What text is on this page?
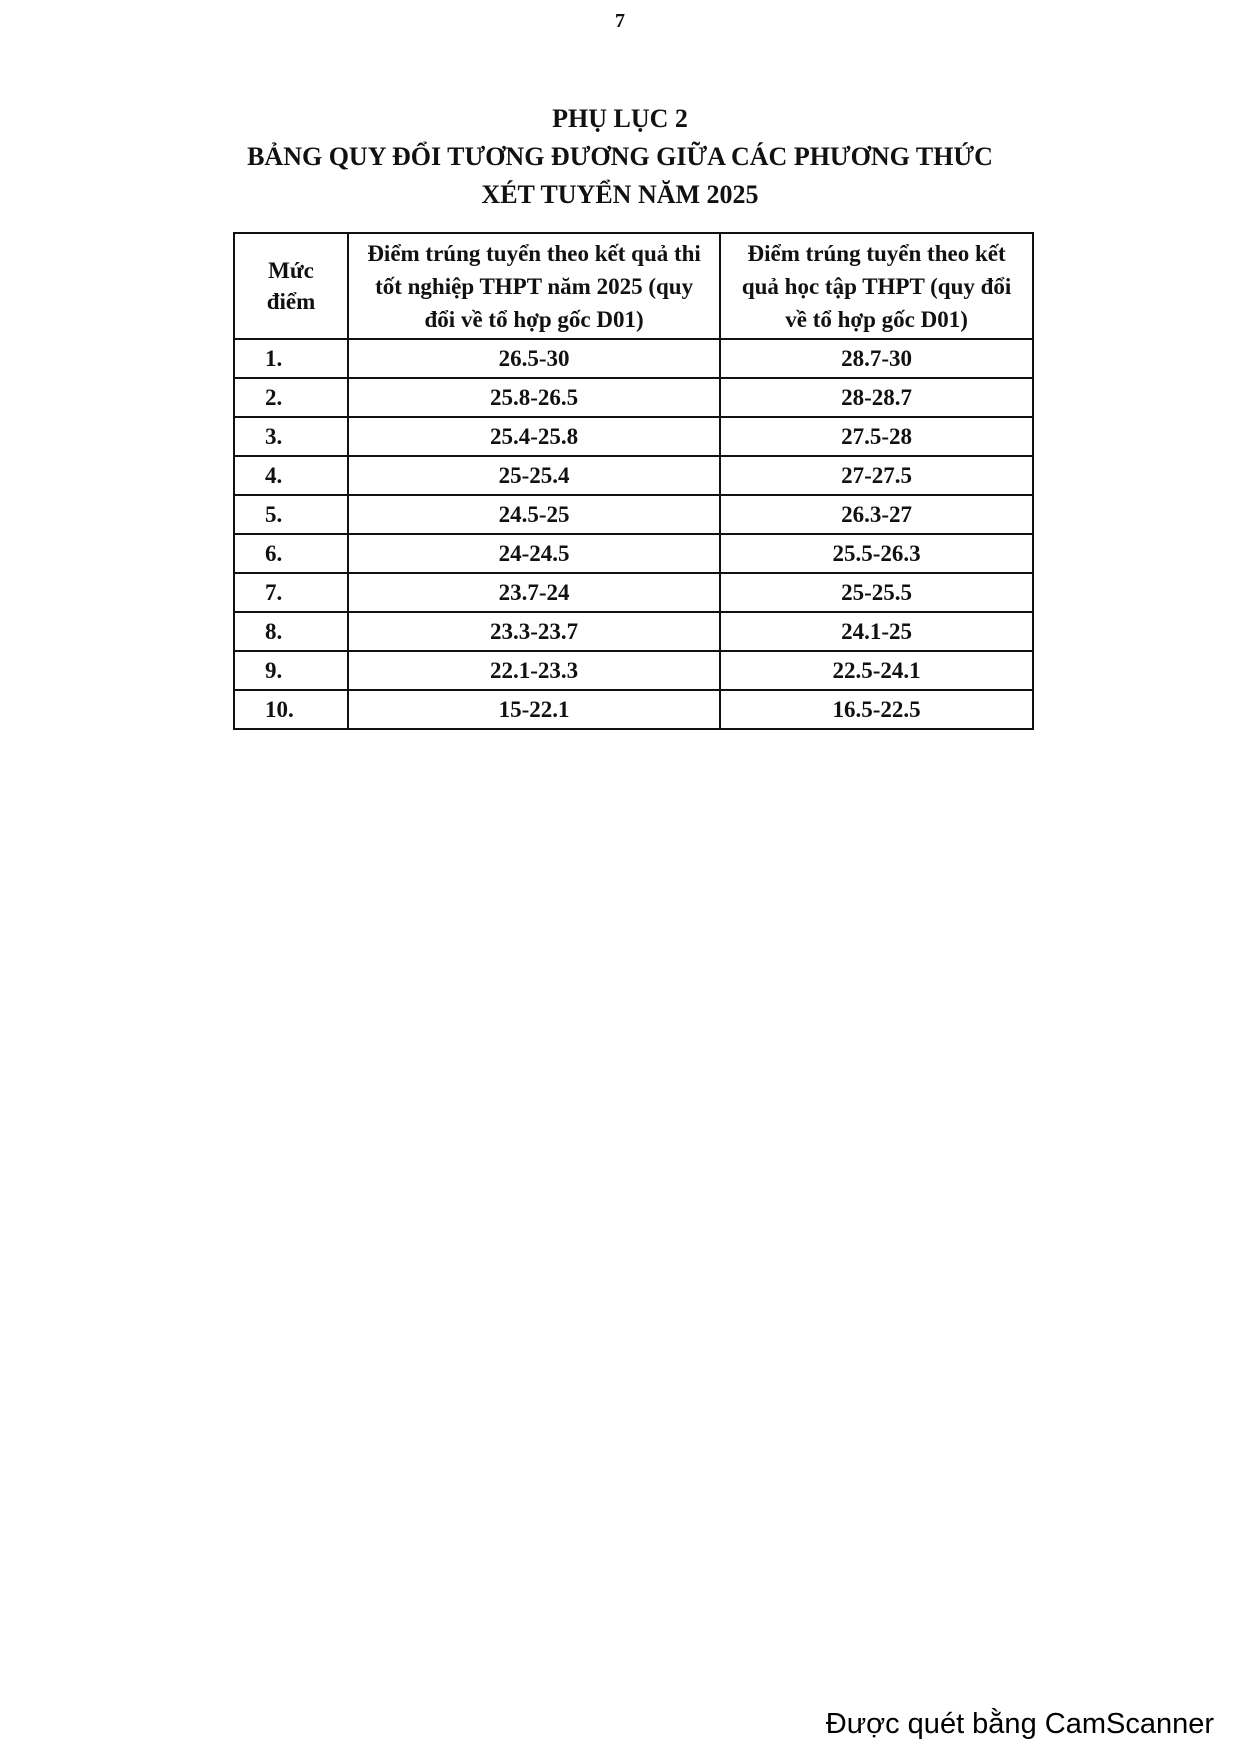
7
PHỤ LỤC 2
BẢNG QUY ĐỔI TƯƠNG ĐƯƠNG GIỮA CÁC PHƯƠNG THỨC
XÉT TUYỂN NĂM 2025
Mức điểm	Điểm trúng tuyển theo kết quả thi tốt nghiệp THPT năm 2025 (quy đổi về tổ hợp gốc D01)	Điểm trúng tuyển theo kết quả học tập THPT (quy đổi về tổ hợp gốc D01)
1.	26.5-30	28.7-30
2.	25.8-26.5	28-28.7
3.	25.4-25.8	27.5-28
4.	25-25.4	27-27.5
5.	24.5-25	26.3-27
6.	24-24.5	25.5-26.3
7.	23.7-24	25-25.5
8.	23.3-23.7	24.1-25
9.	22.1-23.3	22.5-24.1
10.	15-22.1	16.5-22.5
Được quét bằng CamScanner
